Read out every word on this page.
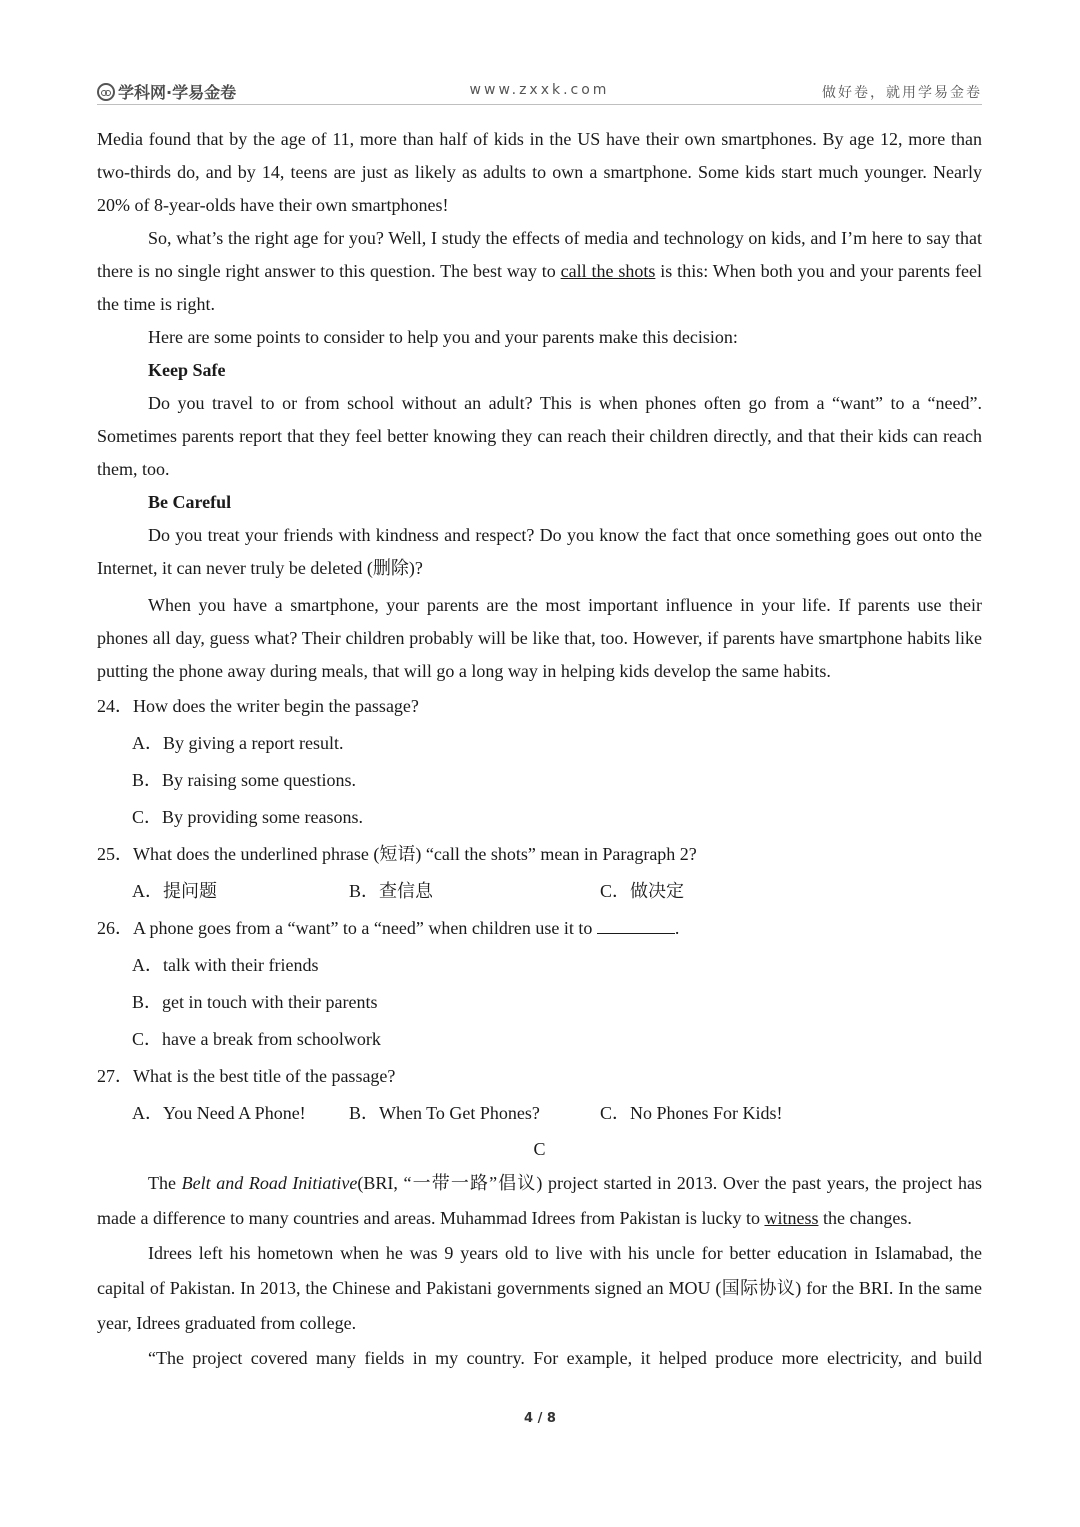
学科网·学易金卷	www.zxxk.com	做好卷，就用学易金卷

Media found that by the age of 11, more than half of kids in the US have their own smartphones. By age 12, more than two-thirds do, and by 14, teens are just as likely as adults to own a smartphone. Some kids start much younger. Nearly 20% of 8-year-olds have their own smartphones!

So, what’s the right age for you? Well, I study the effects of media and technology on kids, and I’m here to say that there is no single right answer to this question. The best way to call the shots is this: When both you and your parents feel the time is right.

Here are some points to consider to help you and your parents make this decision:

Keep Safe

Do you travel to or from school without an adult? This is when phones often go from a “want” to a “need”. Sometimes parents report that they feel better knowing they can reach their children directly, and that their kids can reach them, too.

Be Careful

Do you treat your friends with kindness and respect? Do you know the fact that once something goes out onto the Internet, it can never truly be deleted (删除)?

When you have a smartphone, your parents are the most important influence in your life. If parents use their phones all day, guess what? Their children probably will be like that, too. However, if parents have smartphone habits like putting the phone away during meals, that will go a long way in helping kids develop the same habits.

24．How does the writer begin the passage?

A．By giving a report result.

B．By raising some questions.

C．By providing some reasons.

25．What does the underlined phrase (短语) “call the shots” mean in Paragraph 2?

A．提问题	B．查信息	C．做决定

26．A phone goes from a “want” to a “need” when children use it to	.

A．talk with their friends

B．get in touch with their parents

C．have a break from schoolwork

27．What is the best title of the passage?

A．You Need A Phone! B．When To Get Phones?	C．No Phones For Kids!

C

The Belt and Road Initiative(BRI, “一带一路”倡议) project started in 2013. Over the past years, the project has made a difference to many countries and areas. Muhammad Idrees from Pakistan is lucky to witness the changes.

Idrees left his hometown when he was 9 years old to live with his uncle for better education in Islamabad, the capital of Pakistan. In 2013, the Chinese and Pakistani governments signed an MOU (国际协议) for the BRI. In the same year, Idrees graduated from college.

“The project covered many fields in my country. For example, it helped produce more electricity, and build

4 / 8
